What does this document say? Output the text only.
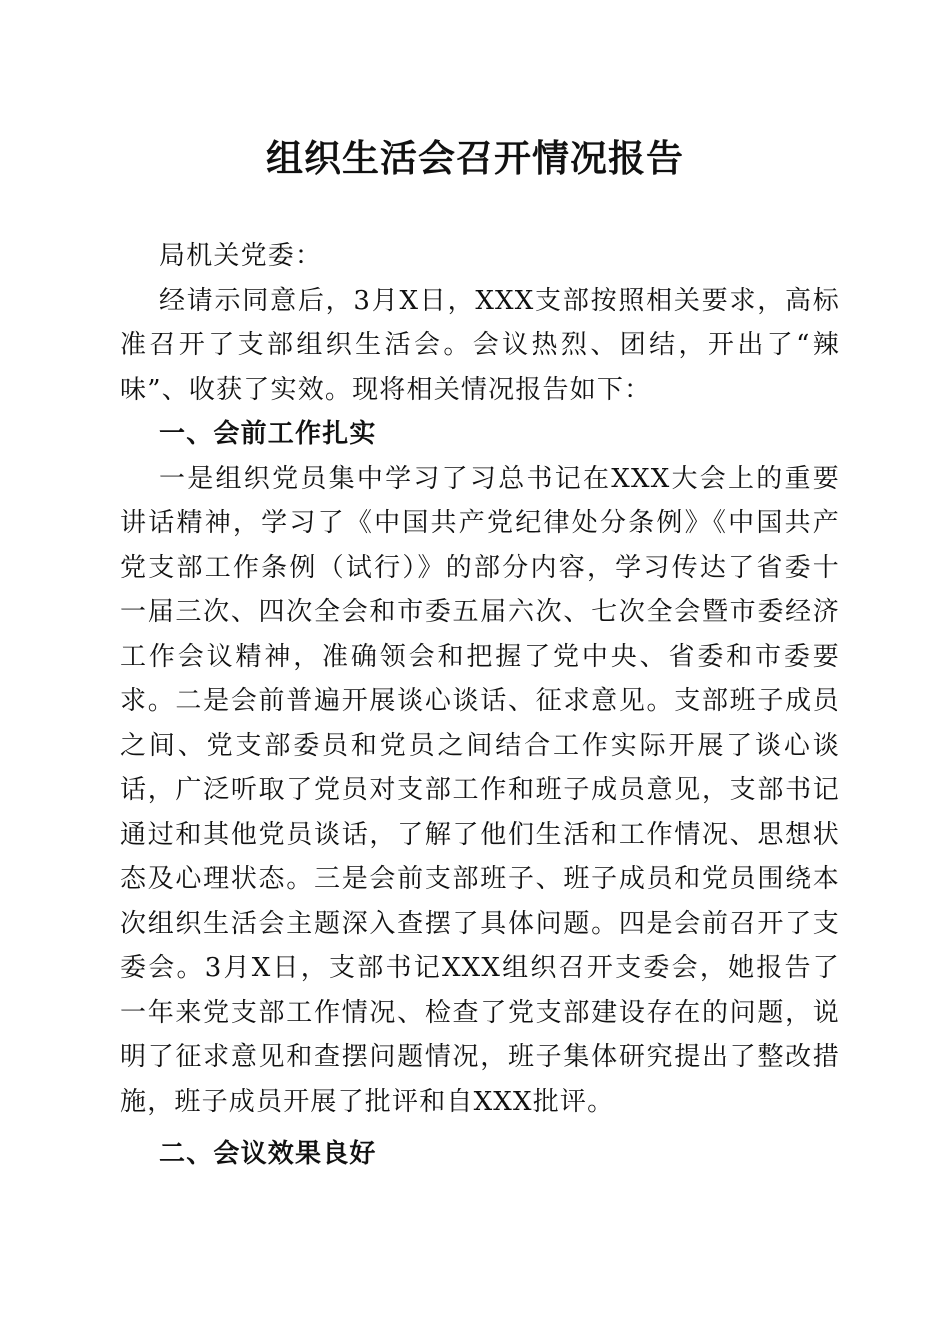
组织生活会召开情况报告

局机关党委：

经请示同意后，3月X日，XXX支部按照相关要求，高标准召开了支部组织生活会。会议热烈、团结，开出了“辣味”、收获了实效。现将相关情况报告如下：

一、会前工作扎实

一是组织党员集中学习了习总书记在XXX大会上的重要讲话精神，学习了《中国共产党纪律处分条例》《中国共产党支部工作条例（试行）》的部分内容，学习传达了省委十一届三次、四次全会和市委五届六次、七次全会暨市委经济工作会议精神，准确领会和把握了党中央、省委和市委要求。二是会前普遍开展谈心谈话、征求意见。支部班子成员之间、党支部委员和党员之间结合工作实际开展了谈心谈话，广泛听取了党员对支部工作和班子成员意见，支部书记通过和其他党员谈话，了解了他们生活和工作情况、思想状态及心理状态。三是会前支部班子、班子成员和党员围绕本次组织生活会主题深入查摆了具体问题。四是会前召开了支委会。3月X日，支部书记XXX组织召开支委会，她报告了一年来党支部工作情况、检查了党支部建设存在的问题，说明了征求意见和查摆问题情况，班子集体研究提出了整改措施，班子成员开展了批评和自XXX批评。

二、会议效果良好
